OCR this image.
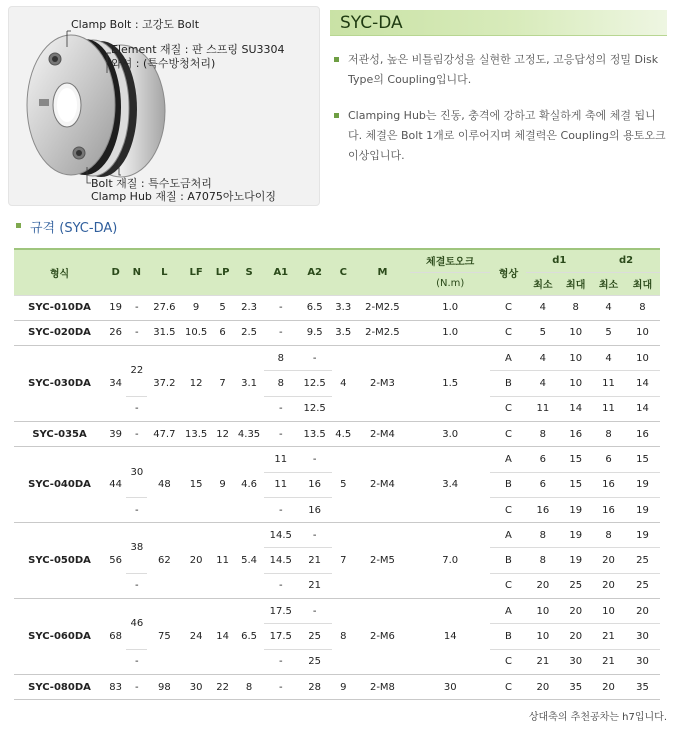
Clamp Bolt : 고강도 Bolt
Element 재질 : 판 스프링 SU3304
와셔 : (특수방청처리)
Bolt 재질 : 특수도금처리
Clamp Hub 재질 : A7075아노다이징
SYC-DA
저관성, 높은 비틀림강성을 실현한 고정도, 고응답성의 정밀 Disk Type의 Coupling입니다.
Clamping Hub는 진동, 충격에 강하고 확실하게 축에 체결 됩니다. 체결은 Bolt 1개로 이루어지며 체결력은 Coupling의 용토오크 이상입니다.
규격 (SYC-DA)
형식	D	N	L	LF	LP	S	A1	A2	C	M	체결토오크	형상	d1		d2	
											(N.m)		최소	최대	최소	최대
SYC-010DA	19	-	27.6	9	5	2.3	-	6.5	3.3	2-M2.5	1.0	C	4	8	4	8
SYC-020DA	26	-	31.5	10.5	6	2.5	-	9.5	3.5	2-M2.5	1.0	C	5	10	5	10
SYC-030DA	34	22	37.2	12	7	3.1	8	-	4	2-M3	1.5	A	4	10	4	10
							8	12.5				B	4	10	11	14
		-					-	12.5				C	11	14	11	14
SYC-035A	39	-	47.7	13.5	12	4.35	-	13.5	4.5	2-M4	3.0	C	8	16	8	16
SYC-040DA	44	30	48	15	9	4.6	11	-	5	2-M4	3.4	A	6	15	6	15
							11	16				B	6	15	16	19
		-					-	16				C	16	19	16	19
SYC-050DA	56	38	62	20	11	5.4	14.5	-	7	2-M5	7.0	A	8	19	8	19
							14.5	21				B	8	19	20	25
		-					-	21				C	20	25	20	25
SYC-060DA	68	46	75	24	14	6.5	17.5	-	8	2-M6	14	A	10	20	10	20
							17.5	25				B	10	20	21	30
		-					-	25				C	21	30	21	30
SYC-080DA	83	-	98	30	22	8	-	28	9	2-M8	30	C	20	35	20	35
상대축의 추천공차는 h7입니다.
